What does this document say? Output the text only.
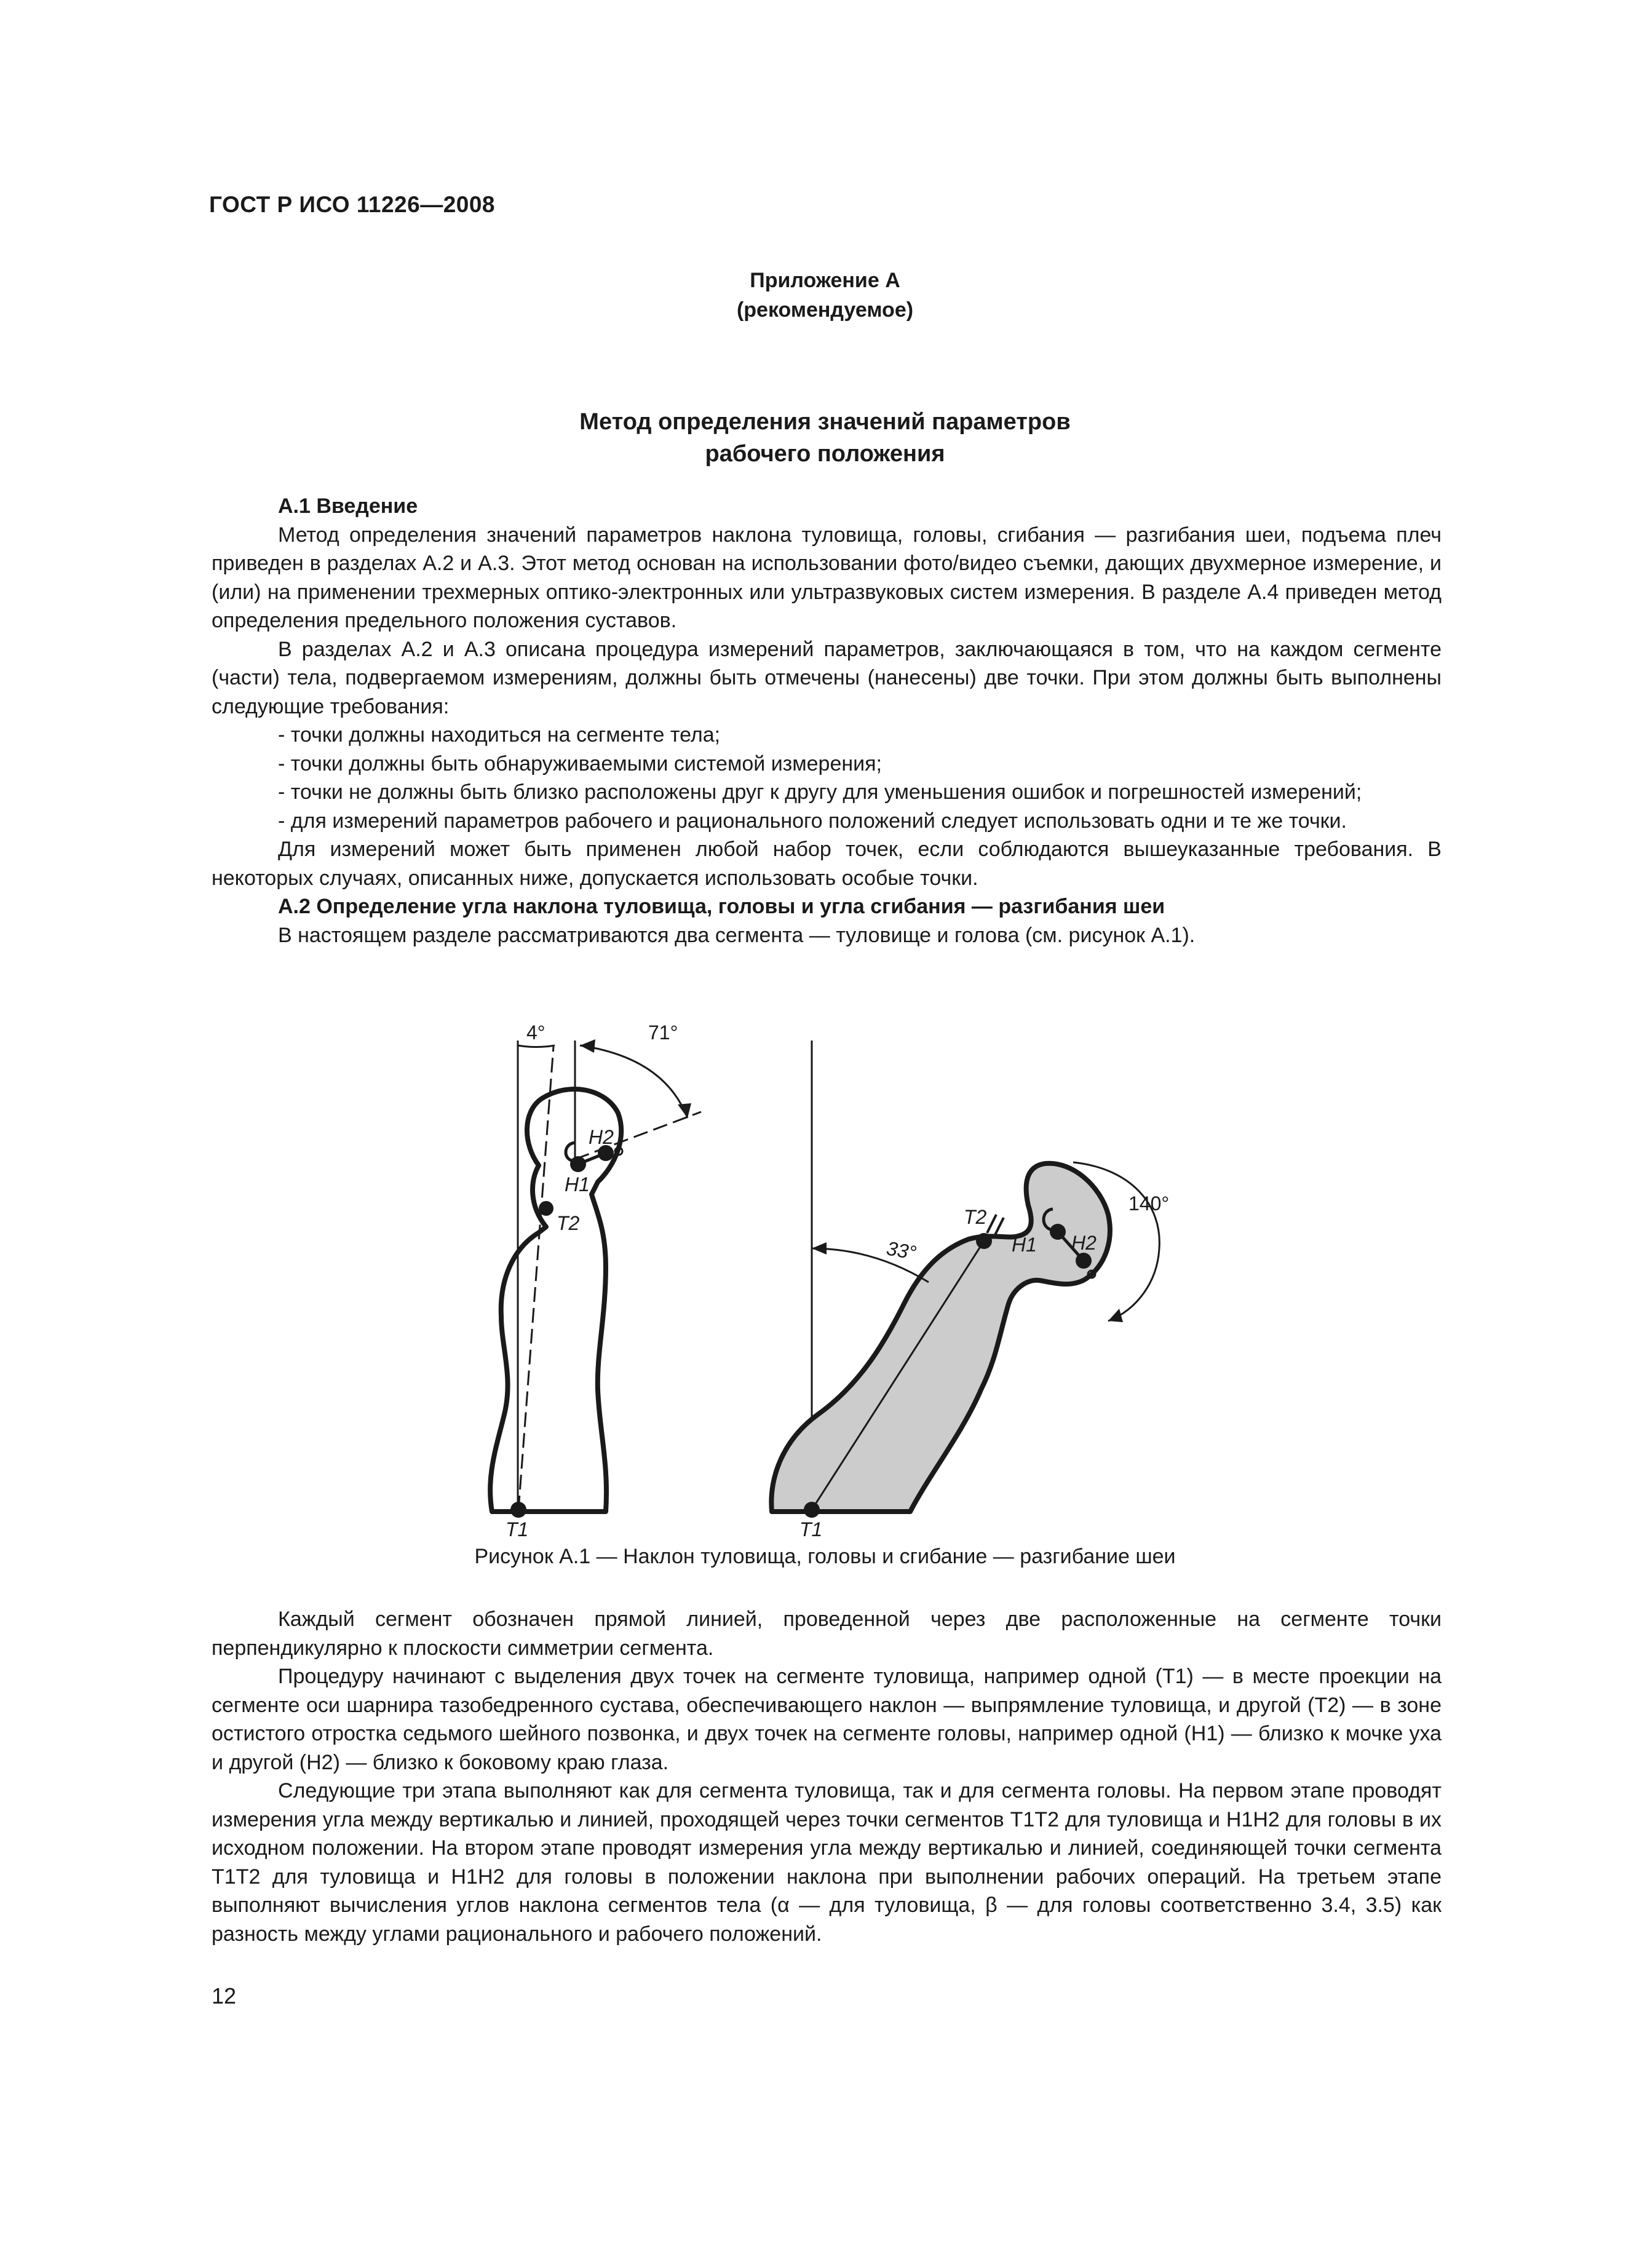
ГОСТ Р ИСО 11226—2008
Приложение А
(рекомендуемое)
Метод определения значений параметров
рабочего положения
А.1 Введение

Метод определения значений параметров наклона туловища, головы, сгибания — разгибания шеи, подъема плеч приведен в разделах А.2 и А.3. Этот метод основан на использовании фото/видео съемки, дающих двухмерное измерение, и (или) на применении трехмерных оптико-электронных или ультразвуковых систем измерения. В разделе А.4 приведен метод определения предельного положения суставов.

В разделах А.2 и А.3 описана процедура измерений параметров, заключающаяся в том, что на каждом сегменте (части) тела, подвергаемом измерениям, должны быть отмечены (нанесены) две точки. При этом должны быть выполнены следующие требования:

- точки должны находиться на сегменте тела;

- точки должны быть обнаруживаемыми системой измерения;

- точки не должны быть близко расположены друг к другу для уменьшения ошибок и погрешностей измерений;

- для измерений параметров рабочего и рационального положений следует использовать одни и те же точки.

Для измерений может быть применен любой набор точек, если соблюдаются вышеуказанные требования. В некоторых случаях, описанных ниже, допускается использовать особые точки.

А.2 Определение угла наклона туловища, головы и угла сгибания — разгибания шеи

В настоящем разделе рассматриваются два сегмента — туловище и голова (см. рисунок А.1).

4°	71°
H2
H1
T2
T1
33°
140°
T2
H1 H2
T1
Рисунок А.1 — Наклон туловища, головы и сгибание — разгибание шеи

Каждый сегмент обозначен прямой линией, проведенной через две расположенные на сегменте точки перпендикулярно к плоскости симметрии сегмента.

Процедуру начинают с выделения двух точек на сегменте туловища, например одной (Т1) — в месте проекции на сегменте оси шарнира тазобедренного сустава, обеспечивающего наклон — выпрямление туловища, и другой (Т2) — в зоне остистого отростка седьмого шейного позвонка, и двух точек на сегменте головы, например одной (Н1) — близко к мочке уха и другой (Н2) — близко к боковому краю глаза.

Следующие три этапа выполняют как для сегмента туловища, так и для сегмента головы. На первом этапе проводят измерения угла между вертикалью и линией, проходящей через точки сегментов Т1Т2 для туловища и Н1Н2 для головы в их исходном положении. На втором этапе проводят измерения угла между вертикалью и линией, соединяющей точки сегмента Т1Т2 для туловища и Н1Н2 для головы в положении наклона при выполнении рабочих операций. На третьем этапе выполняют вычисления углов наклона сегментов тела (α — для туловища, β — для головы соответственно 3.4, 3.5) как разность между углами рационального и рабочего положений.

12
